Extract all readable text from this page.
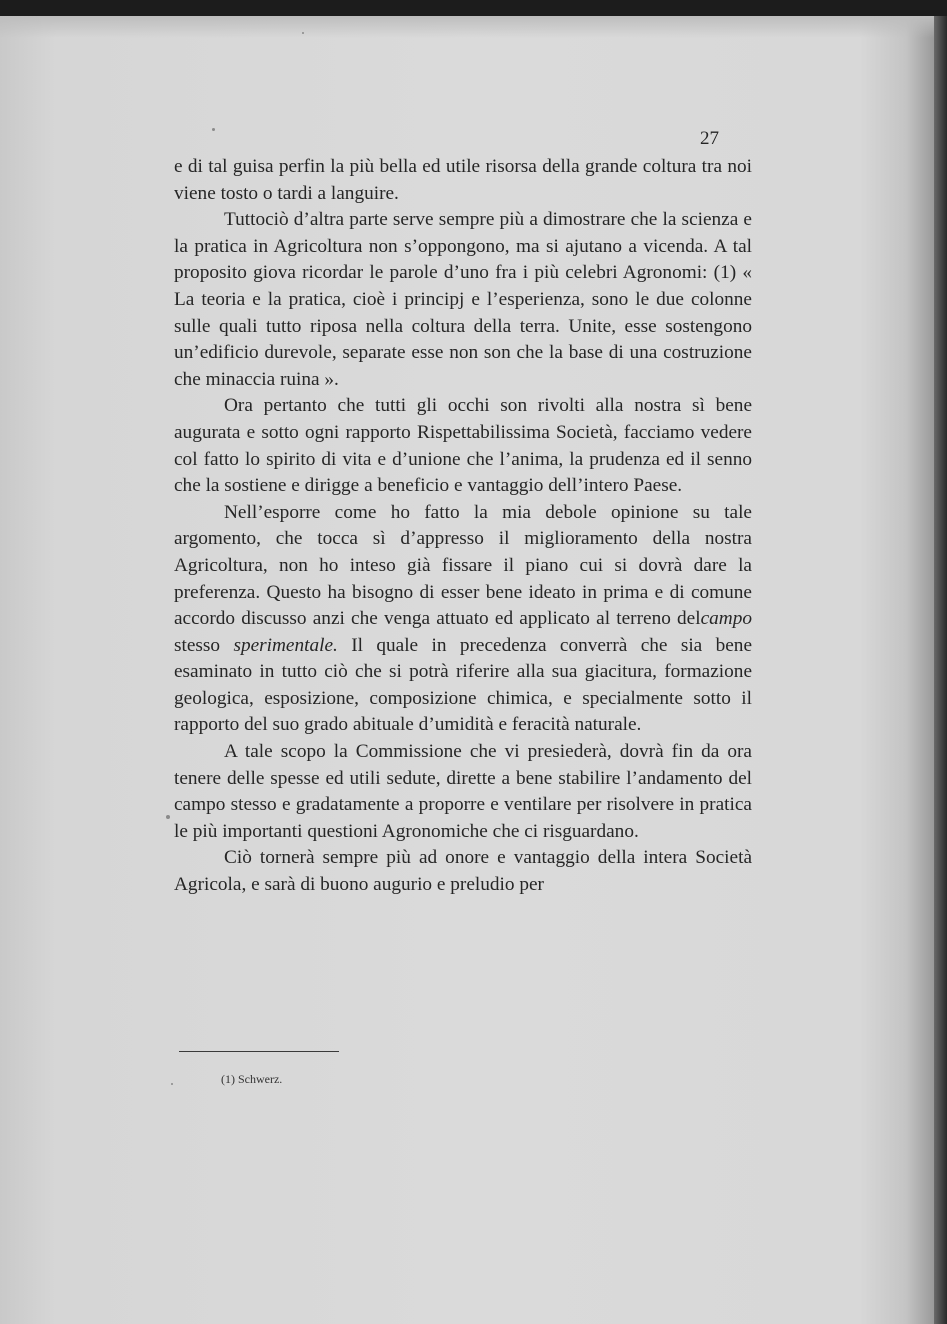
27

e di tal guisa perfin la più bella ed utile risorsa della grande coltura tra noi viene tosto o tardi a languire.

Tuttociò d’altra parte serve sempre più a dimostrare che la scienza e la pratica in Agricoltura non s’oppongono, ma si ajutano a vicenda. A tal proposito giova ricordar le parole d’uno fra i più celebri Agronomi: (1) « La teoria e la pratica, cioè i principj e l’esperienza, sono le due colonne sulle quali tutto riposa nella coltura della terra. Unite, esse sostengono un’edificio durevole, separate esse non son che la base di una costruzione che minaccia ruina ».

Ora pertanto che tutti gli occhi son rivolti alla nostra sì bene augurata e sotto ogni rapporto Rispettabilissima Società, facciamo vedere col fatto lo spirito di vita e d’unione che l’anima, la prudenza ed il senno che la sostiene e dirigge a beneficio e vantaggio dell’intero Paese.

Nell’esporre come ho fatto la mia debole opinione su tale argomento, che tocca sì d’appresso il miglioramento della nostra Agricoltura, non ho inteso già fissare il piano cui si dovrà dare la preferenza. Questo ha bisogno di esser bene ideato in prima e di comune accordo discusso anzi che venga attuato ed applicato al terreno delcampo stesso sperimentale. Il quale in precedenza converrà che sia bene esaminato in tutto ciò che si potrà riferire alla sua giacitura, formazione geologica, esposizione, composizione chimica, e specialmente sotto il rapporto del suo grado abituale d’umidità e feracità naturale.

A tale scopo la Commissione che vi presiederà, dovrà fin da ora tenere delle spesse ed utili sedute, dirette a bene stabilire l’andamento del campo stesso e gradatamente a proporre e ventilare per risolvere in pratica le più importanti questioni Agronomiche che ci risguardano.

Ciò tornerà sempre più ad onore e vantaggio della intera Società Agricola, e sarà di buono augurio e preludio per

(1) Schwerz.
